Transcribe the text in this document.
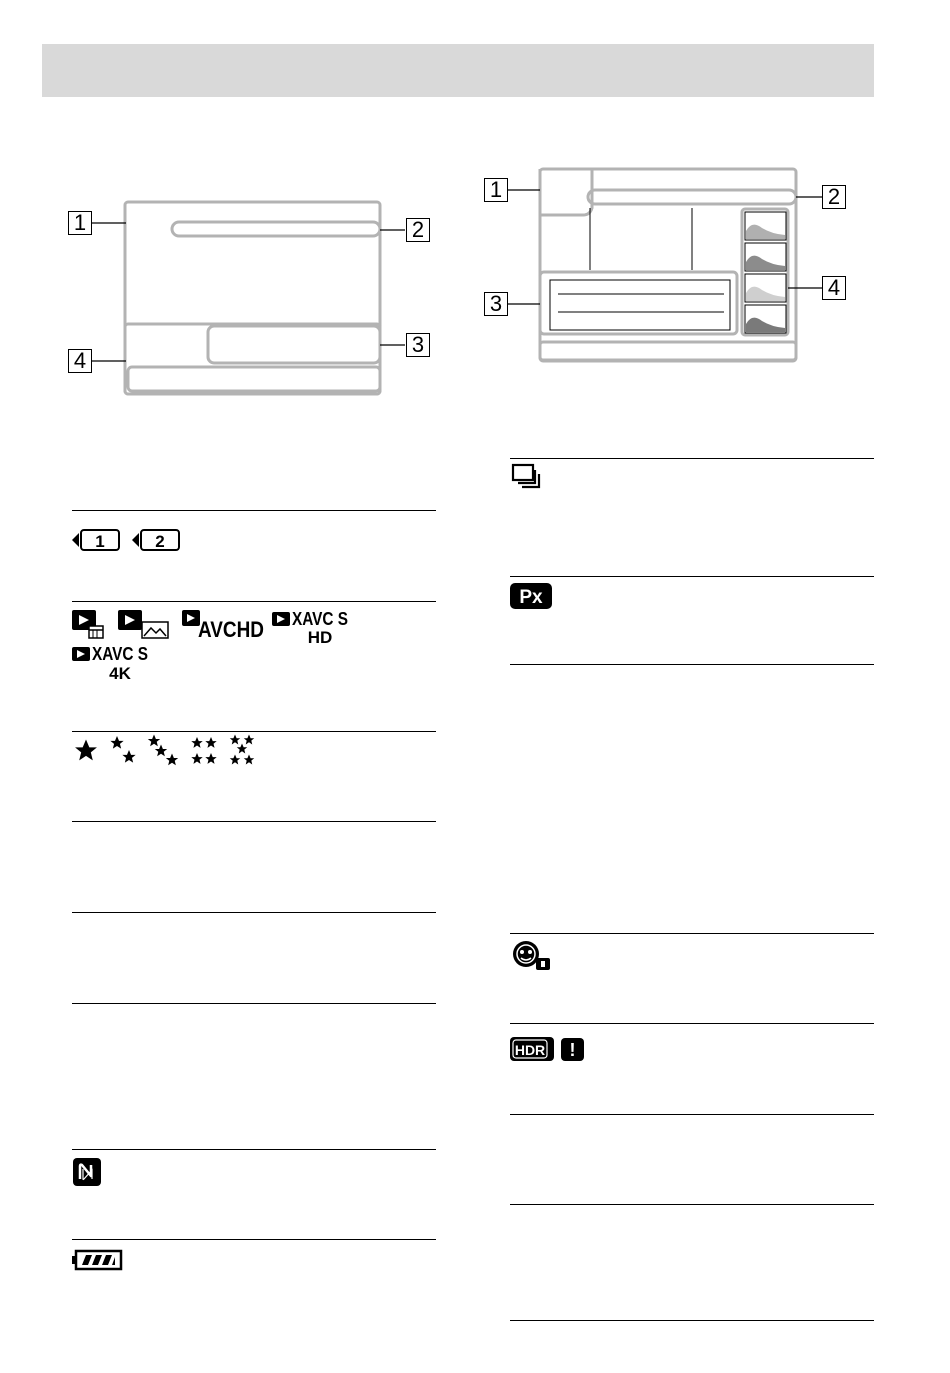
1	2
3
4
1	2
3
4
1	2
AVCHD XAVC S
HD
XAVC S
4K
Px
HDR !
